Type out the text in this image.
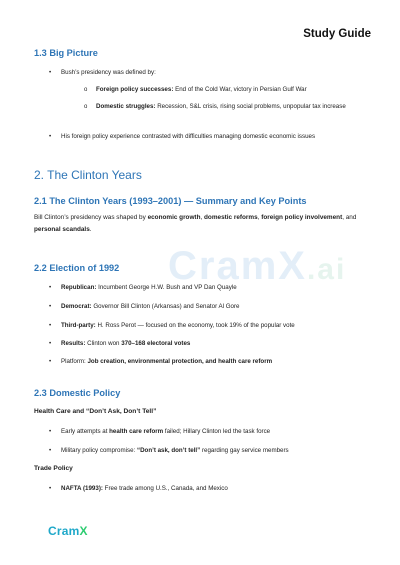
CramX.ai
Study Guide
1.3 Big Picture
• Bush’s presidency was defined by:
o Foreign policy successes: End of the Cold War, victory in Persian Gulf War
o Domestic struggles: Recession, S&L crisis, rising social problems, unpopular tax increase
• His foreign policy experience contrasted with difficulties managing domestic economic issues
2. The Clinton Years
2.1 The Clinton Years (1993–2001) — Summary and Key Points
Bill Clinton’s presidency was shaped by economic growth, domestic reforms, foreign policy involvement, and personal scandals.
2.2 Election of 1992
• Republican: Incumbent George H.W. Bush and VP Dan Quayle
• Democrat: Governor Bill Clinton (Arkansas) and Senator Al Gore
• Third-party: H. Ross Perot — focused on the economy, took 19% of the popular vote
• Results: Clinton won 370–168 electoral votes
• Platform: Job creation, environmental protection, and health care reform
2.3 Domestic Policy
Health Care and “Don’t Ask, Don’t Tell”
• Early attempts at health care reform failed; Hillary Clinton led the task force
• Military policy compromise: “Don’t ask, don’t tell” regarding gay service members
Trade Policy
• NAFTA (1993): Free trade among U.S., Canada, and Mexico
CramX
